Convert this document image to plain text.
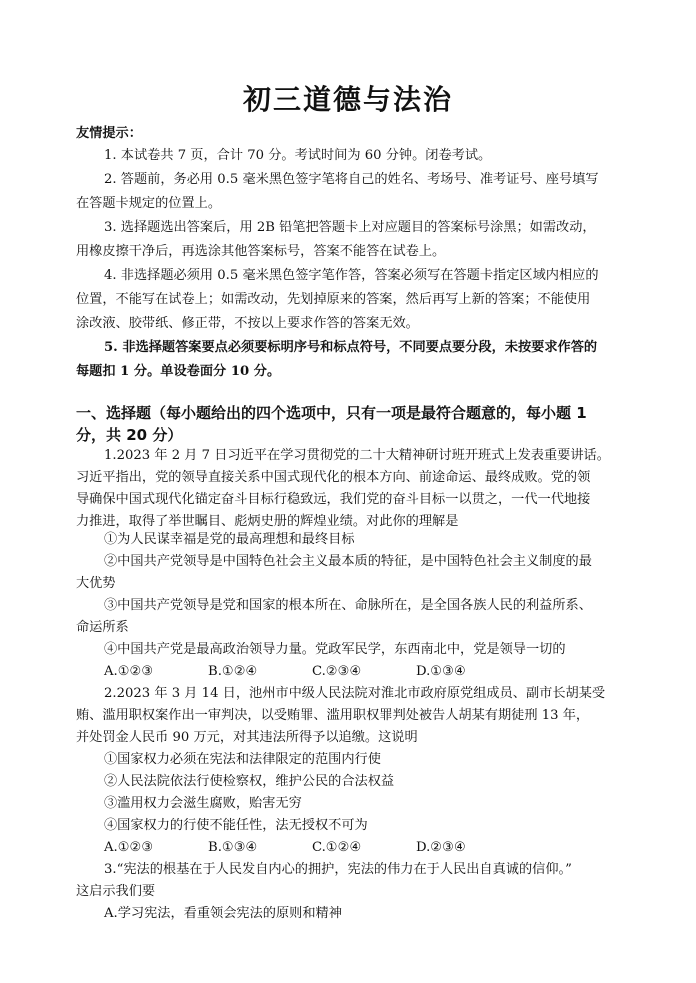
初三道德与法治
友情提示：
1. 本试卷共 7 页，合计 70 分。考试时间为 60 分钟。闭卷考试。
2. 答题前，务必用 0.5 毫米黑色签字笔将自己的姓名、考场号、准考证号、座号填写
在答题卡规定的位置上。
3. 选择题选出答案后，用 2B 铅笔把答题卡上对应题目的答案标号涂黑；如需改动，
用橡皮擦干净后，再选涂其他答案标号，答案不能答在试卷上。
4. 非选择题必须用 0.5 毫米黑色签字笔作答，答案必须写在答题卡指定区域内相应的
位置，不能写在试卷上；如需改动，先划掉原来的答案，然后再写上新的答案；不能使用
涂改液、胶带纸、修正带，不按以上要求作答的答案无效。
5. 非选择题答案要点必须要标明序号和标点符号，不同要点要分段，未按要求作答的
每题扣 1 分。单设卷面分 10 分。
一、选择题（每小题给出的四个选项中，只有一项是最符合题意的，每小题 1
分，共 20 分）
1.2023 年 2 月 7 日习近平在学习贯彻党的二十大精神研讨班开班式上发表重要讲话。
习近平指出，党的领导直接关系中国式现代化的根本方向、前途命运、最终成败。党的领
导确保中国式现代化锚定奋斗目标行稳致远，我们党的奋斗目标一以贯之，一代一代地接
力推进，取得了举世瞩目、彪炳史册的辉煌业绩。对此你的理解是
①为人民谋幸福是党的最高理想和最终目标
②中国共产党领导是中国特色社会主义最本质的特征，是中国特色社会主义制度的最
大优势
③中国共产党领导是党和国家的根本所在、命脉所在，是全国各族人民的利益所系、
命运所系
④中国共产党是最高政治领导力量。党政军民学，东西南北中，党是领导一切的
A.①②③	B.①②④	C.②③④	D.①③④
2.2023 年 3 月 14 日，池州市中级人民法院对淮北市政府原党组成员、副市长胡某受
贿、滥用职权案作出一审判决，以受贿罪、滥用职权罪判处被告人胡某有期徒刑 13 年，
并处罚金人民币 90 万元，对其违法所得予以追缴。这说明
①国家权力必须在宪法和法律限定的范围内行使
②人民法院依法行使检察权，维护公民的合法权益
③滥用权力会滋生腐败，贻害无穷
④国家权力的行使不能任性，法无授权不可为
A.①②③	B.①③④	C.①②④	D.②③④
3.“宪法的根基在于人民发自内心的拥护，宪法的伟力在于人民出自真诚的信仰。”
这启示我们要
A.学习宪法，看重领会宪法的原则和精神
